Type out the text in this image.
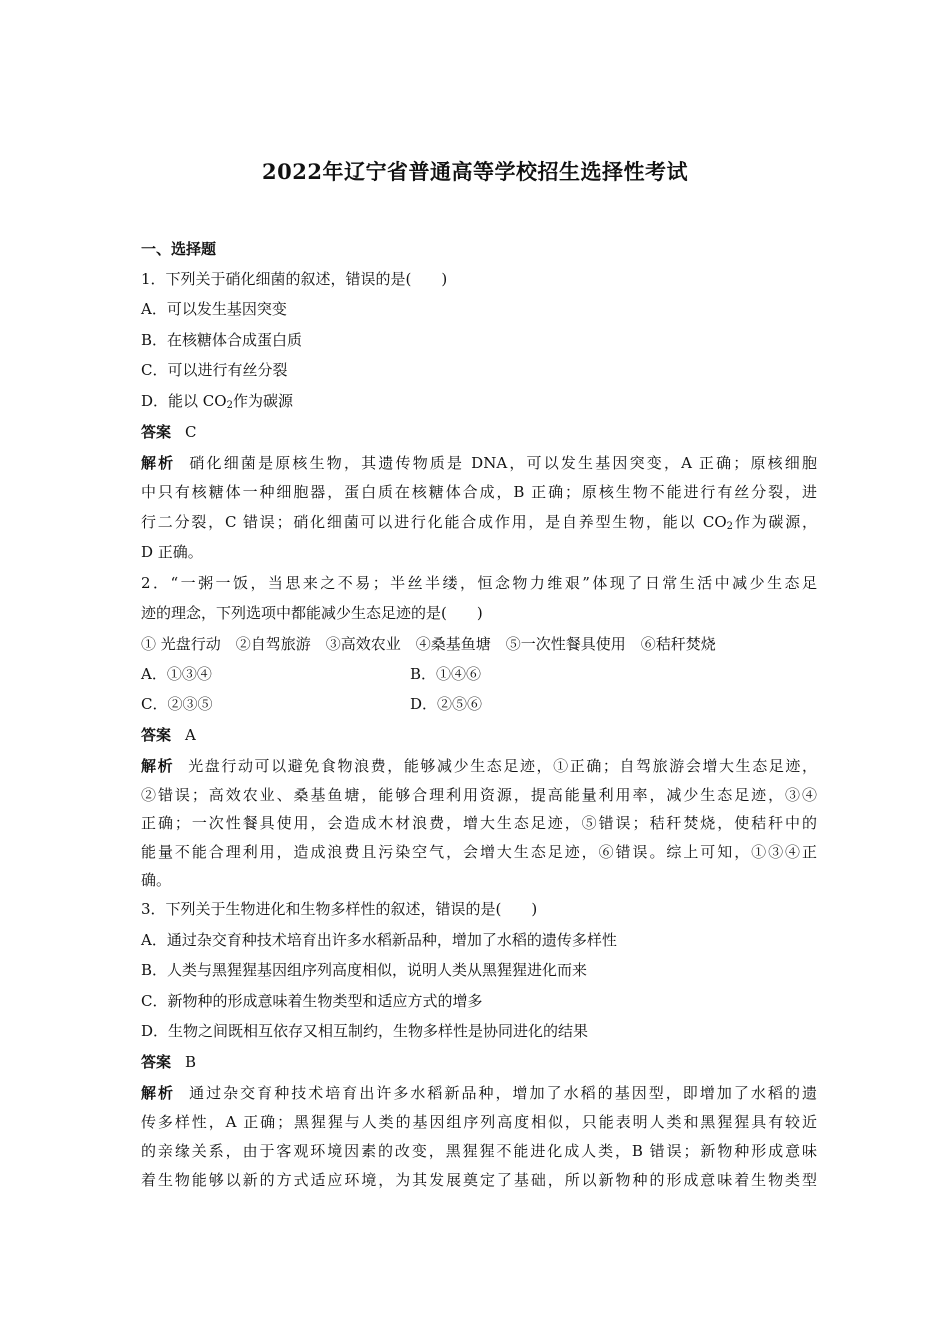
2022年辽宁省普通高等学校招生选择性考试
一、选择题
1．下列关于硝化细菌的叙述，错误的是(　　)
A．可以发生基因突变
B．在核糖体合成蛋白质
C．可以进行有丝分裂
D．能以 $CO_2$作为碳源
答案 C
解析 硝化细菌是原核生物，其遗传物质是 DNA，可以发生基因突变，A 正确；原核细胞
中只有核糖体一种细胞器，蛋白质在核糖体合成，B 正确；原核生物不能进行有丝分裂，进
行二分裂，C 错误；硝化细菌可以进行化能合成作用，是自养型生物，能以 $CO_2$作为碳源，
D 正确。
2．“一粥一饭，当思来之不易；半丝半缕，恒念物力维艰”体现了日常生活中减少生态足
迹的理念，下列选项中都能减少生态足迹的是(　　)
① 光盘行动　②自驾旅游　③高效农业　④桑基鱼塘　⑤一次性餐具使用　⑥秸秆焚烧
A．①③④	B．①④⑥
C．②③⑤	D．②⑤⑥
答案 A
解析 光盘行动可以避免食物浪费，能够减少生态足迹，①正确；自驾旅游会增大生态足迹，
②错误；高效农业、桑基鱼塘，能够合理利用资源，提高能量利用率，减少生态足迹，③④
正确；一次性餐具使用，会造成木材浪费，增大生态足迹，⑤错误；秸秆焚烧，使秸秆中的
能量不能合理利用，造成浪费且污染空气，会增大生态足迹，⑥错误。综上可知，①③④正
确。
3．下列关于生物进化和生物多样性的叙述，错误的是(　　)
A．通过杂交育种技术培育出许多水稻新品种，增加了水稻的遗传多样性
B．人类与黑猩猩基因组序列高度相似，说明人类从黑猩猩进化而来
C．新物种的形成意味着生物类型和适应方式的增多
D．生物之间既相互依存又相互制约，生物多样性是协同进化的结果
答案 B
解析 通过杂交育种技术培育出许多水稻新品种，增加了水稻的基因型，即增加了水稻的遗
传多样性，A 正确；黑猩猩与人类的基因组序列高度相似，只能表明人类和黑猩猩具有较近
的亲缘关系，由于客观环境因素的改变，黑猩猩不能进化成人类，B 错误；新物种形成意味
着生物能够以新的方式适应环境，为其发展奠定了基础，所以新物种的形成意味着生物类型
